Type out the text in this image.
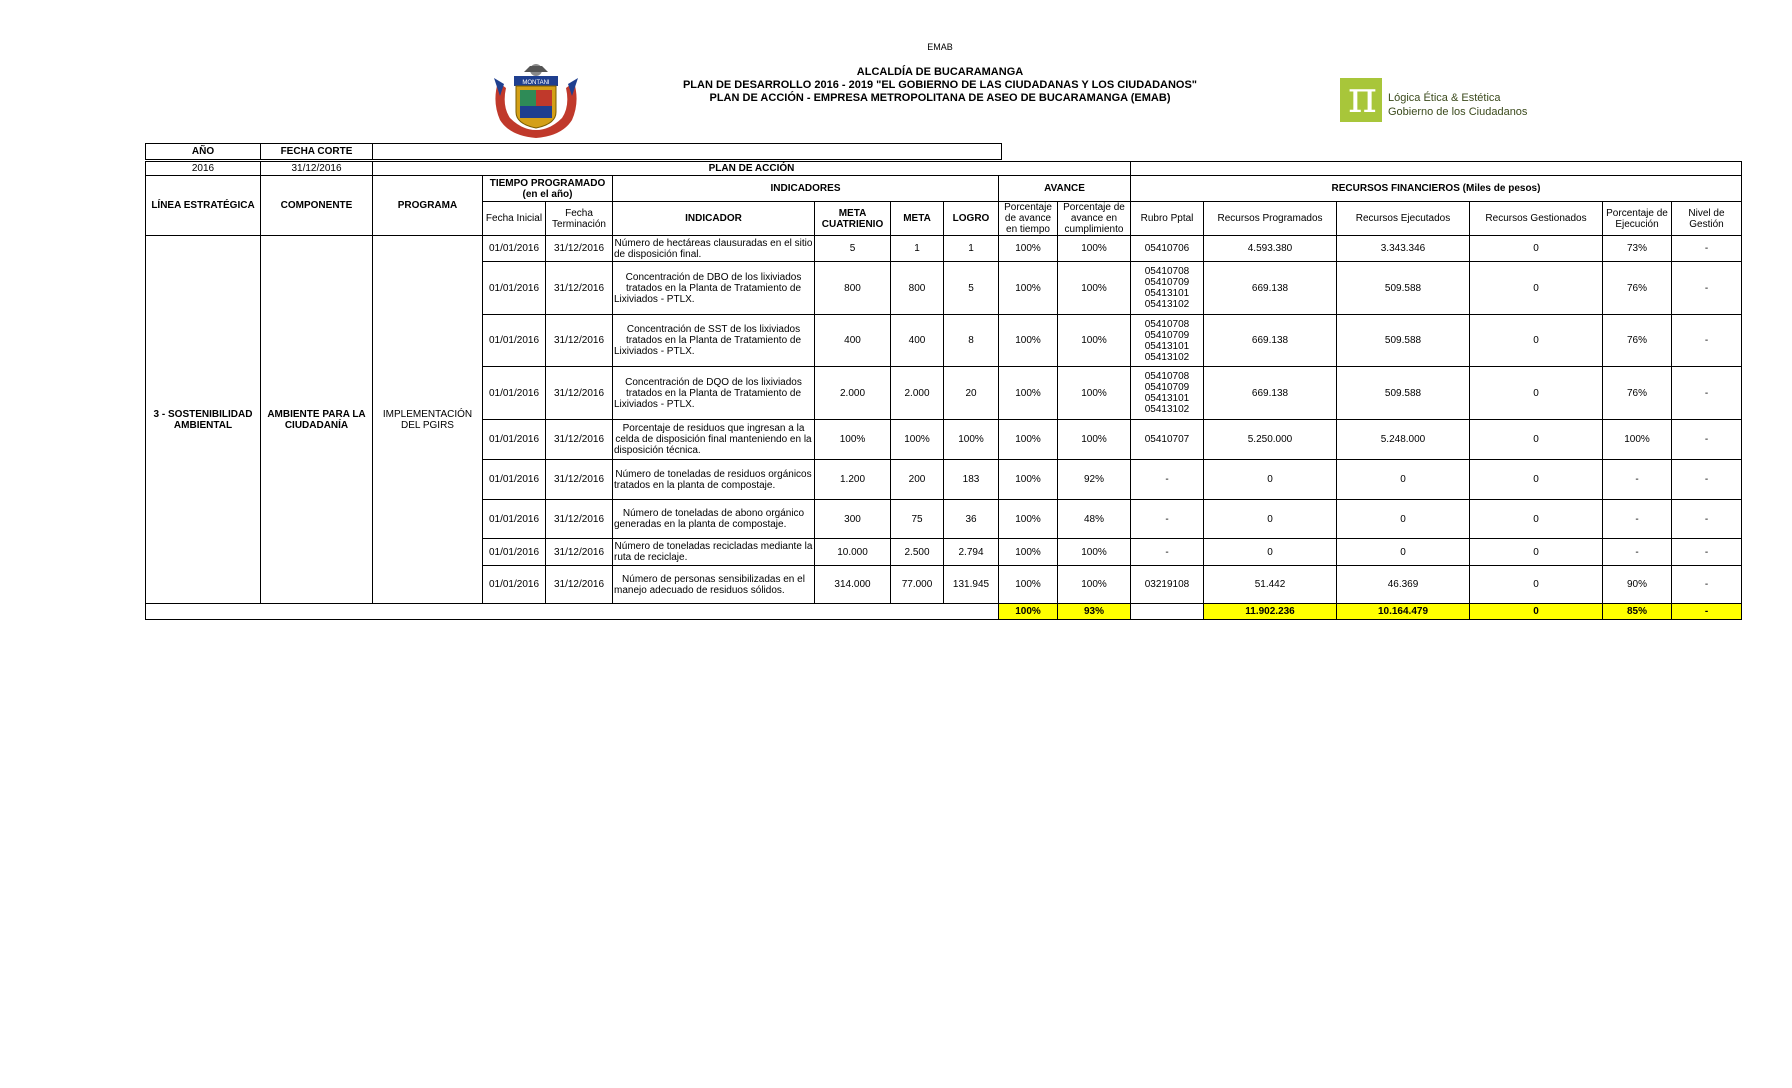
EMAB
ALCALDÍA DE BUCARAMANGA
PLAN DE DESARROLLO 2016 - 2019 "EL GOBIERNO DE LAS CIUDADANAS Y LOS CIUDADANOS"
PLAN DE ACCIÓN - EMPRESA METROPOLITANA DE ASEO DE BUCARAMANGA (EMAB)
MONTANI	π Lógica Ética & Estética
Gobierno de los Ciudadanos
AÑO	FECHA CORTE	
2016	31/12/2016	PLAN DE ACCIÓN														
LÍNEA ESTRATÉGICA	COMPONENTE	PROGRAMA	TIEMPO PROGRAMADO (en el año)		INDICADORES				AVANCE		RECURSOS FINANCIEROS (Miles de pesos)					
					INDICADOR	META CUATRIENIO	META	LOGRO	Porcentaje de avance en tiempo	Porcentaje de avance en cumplimiento						
			Fecha Inicial	Fecha Terminación							Rubro Pptal	Recursos Programados	Recursos Ejecutados	Recursos Gestionados	Porcentaje de Ejecución	Nivel de Gestión
3 - SOSTENIBILIDAD AMBIENTAL	AMBIENTE PARA LA CIUDADANÍA	IMPLEMENTACIÓN DEL PGIRS	01/01/2016	31/12/2016	Número de hectáreas clausuradas en el sitio de disposición final.	5	1	1	100%	100%	05410706	4.593.380	3.343.346	0	73%	-
			01/01/2016	31/12/2016	Concentración de DBO de los lixiviados tratados en la Planta de Tratamiento de Lixiviados - PTLX.	800	800	5	100%	100%	05410708 05410709 05413101 05413102	669.138	509.588	0	76%	-
			01/01/2016	31/12/2016	Concentración de SST de los lixiviados tratados en la Planta de Tratamiento de Lixiviados - PTLX.	400	400	8	100%	100%	05410708 05410709 05413101 05413102	669.138	509.588	0	76%	-
			01/01/2016	31/12/2016	Concentración de DQO de los lixiviados tratados en la Planta de Tratamiento de Lixiviados - PTLX.	2.000	2.000	20	100%	100%	05410708 05410709 05413101 05413102	669.138	509.588	0	76%	-
			01/01/2016	31/12/2016	Porcentaje de residuos que ingresan a la celda de disposición final manteniendo en la disposición técnica.	100%	100%	100%	100%	100%	05410707	5.250.000	5.248.000	0	100%	-
			01/01/2016	31/12/2016	Número de toneladas de residuos orgánicos tratados en la planta de compostaje.	1.200	200	183	100%	92%	-	0	0	0	-	-
			01/01/2016	31/12/2016	Número de toneladas de abono orgánico generadas en la planta de compostaje.	300	75	36	100%	48%	-	0	0	0	-	-
			01/01/2016	31/12/2016	Número de toneladas recicladas mediante la ruta de reciclaje.	10.000	2.500	2.794	100%	100%	-	0	0	0	-	-
			01/01/2016	31/12/2016	Número de personas sensibilizadas en el manejo adecuado de residuos sólidos.	314.000	77.000	131.945	100%	100%	03219108	51.442	46.369	0	90%	-
									100%	93%		11.902.236	10.164.479	0	85%	-
